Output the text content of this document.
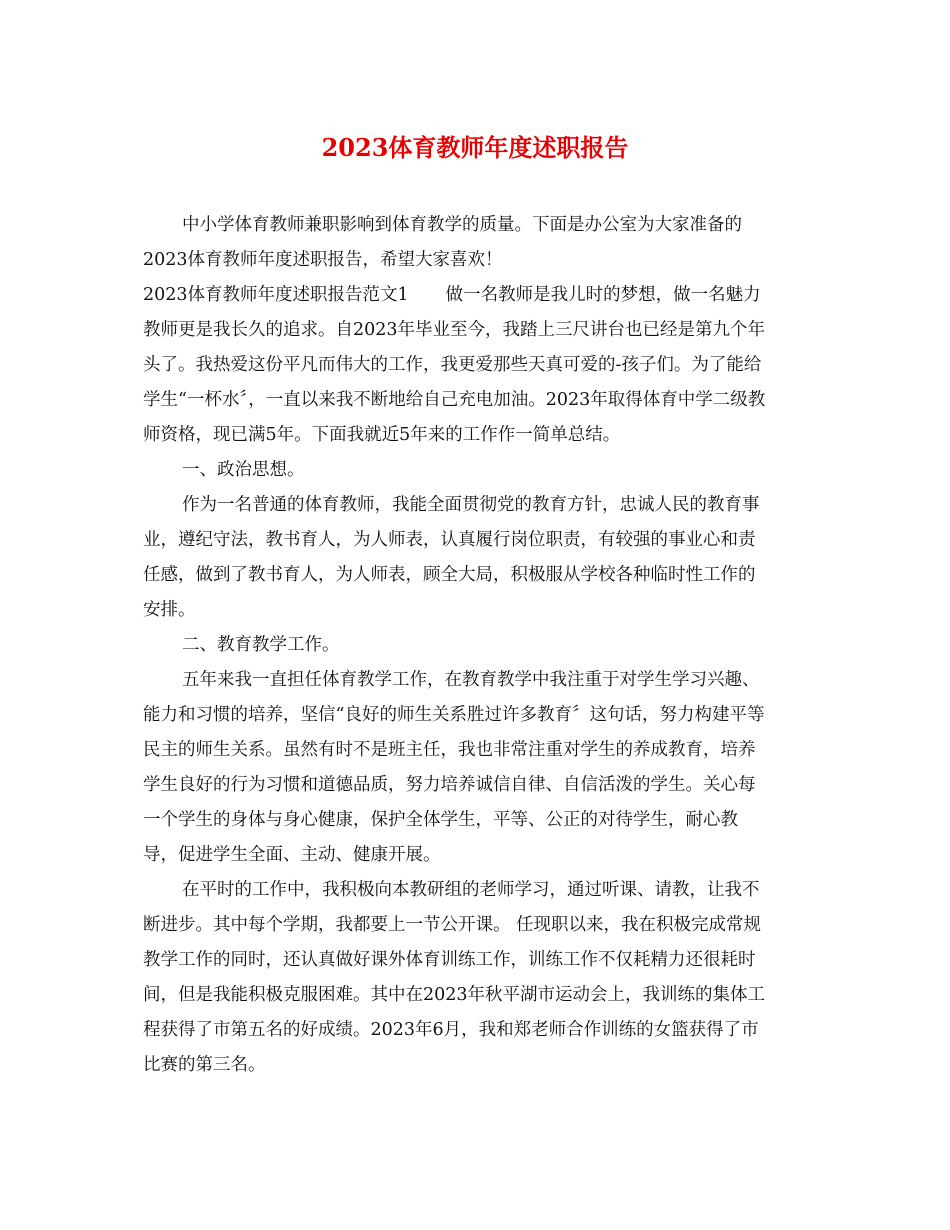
2023体育教师年度述职报告
中小学体育教师兼职影响到体育教学的质量。下面是办公室为大家准备的
2023体育教师年度述职报告，希望大家喜欢！
2023体育教师年度述职报告范文1 做一名教师是我儿时的梦想，做一名魅力
教师更是我长久的追求。自2023年毕业至今，我踏上三尺讲台也已经是第九个年
头了。我热爱这份平凡而伟大的工作，我更爱那些天真可爱的-孩子们。为了能给
学生“一杯水〞，一直以来我不断地给自己充电加油。2023年取得体育中学二级教
师资格，现已满5年。下面我就近5年来的工作作一简单总结。
一、政治思想。
作为一名普通的体育教师，我能全面贯彻党的教育方针，忠诚人民的教育事
业，遵纪守法，教书育人，为人师表，认真履行岗位职责，有较强的事业心和责
任感，做到了教书育人，为人师表，顾全大局，积极服从学校各种临时性工作的
安排。
二、教育教学工作。
五年来我一直担任体育教学工作，在教育教学中我注重于对学生学习兴趣、
能力和习惯的培养，坚信“良好的师生关系胜过许多教育〞这句话，努力构建平等
民主的师生关系。虽然有时不是班主任，我也非常注重对学生的养成教育，培养
学生良好的行为习惯和道德品质，努力培养诚信自律、自信活泼的学生。关心每
一个学生的身体与身心健康，保护全体学生，平等、公正的对待学生，耐心教
导，促进学生全面、主动、健康开展。
在平时的工作中，我积极向本教研组的老师学习，通过听课、请教，让我不
断进步。其中每个学期，我都要上一节公开课。 任现职以来，我在积极完成常规
教学工作的同时，还认真做好课外体育训练工作，训练工作不仅耗精力还很耗时
间，但是我能积极克服困难。其中在2023年秋平湖市运动会上，我训练的集体工
程获得了市第五名的好成绩。2023年6月，我和郑老师合作训练的女篮获得了市
比赛的第三名。
